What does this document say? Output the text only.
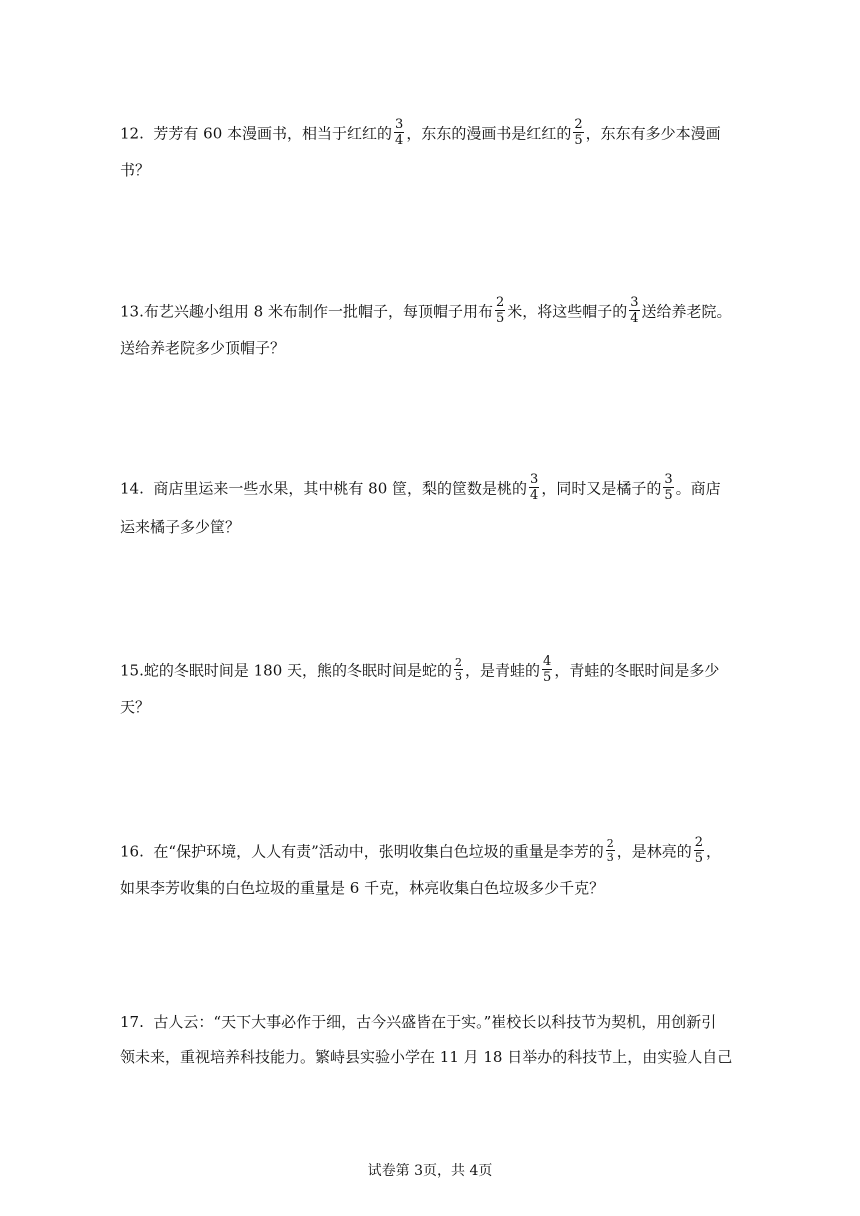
12. 芳芳有 60 本漫画书，相当于红红的 $\frac{3}{4}$ ，东东的漫画书是红红的 $\frac{2}{5}$ ，东东有多少本漫画
书？
13.布艺兴趣小组用 8 米布制作一批帽子，每顶帽子用布 $\frac{2}{5}$ 米，将这些帽子的 $\frac{3}{4}$ 送给养老院。
送给养老院多少顶帽子？
14. 商店里运来一些水果，其中桃有 80 筐，梨的筐数是桃的 $\frac{3}{4}$ ，同时又是橘子的 $\frac{3}{5}$ 。商店
运来橘子多少筐？
15.蛇的冬眠时间是 180 天，熊的冬眠时间是蛇的 $\frac{2}{3}$ ，是青蛙的 $\frac{4}{5}$ ，青蛙的冬眠时间是多少
天？
16. 在“保护环境，人人有责”活动中，张明收集白色垃圾的重量是李芳的 $\frac{2}{3}$ ，是林亮的 $\frac{2}{5}$ ，
如果李芳收集的白色垃圾的重量是 6 千克，林亮收集白色垃圾多少千克？
17. 古人云：“天下大事必作于细，古今兴盛皆在于实。”崔校长以科技节为契机，用创新引
领未来，重视培养科技能力。繁峙县实验小学在 11 月 18 日举办的科技节上，由实验人自己
试卷第 3页，共 4页
